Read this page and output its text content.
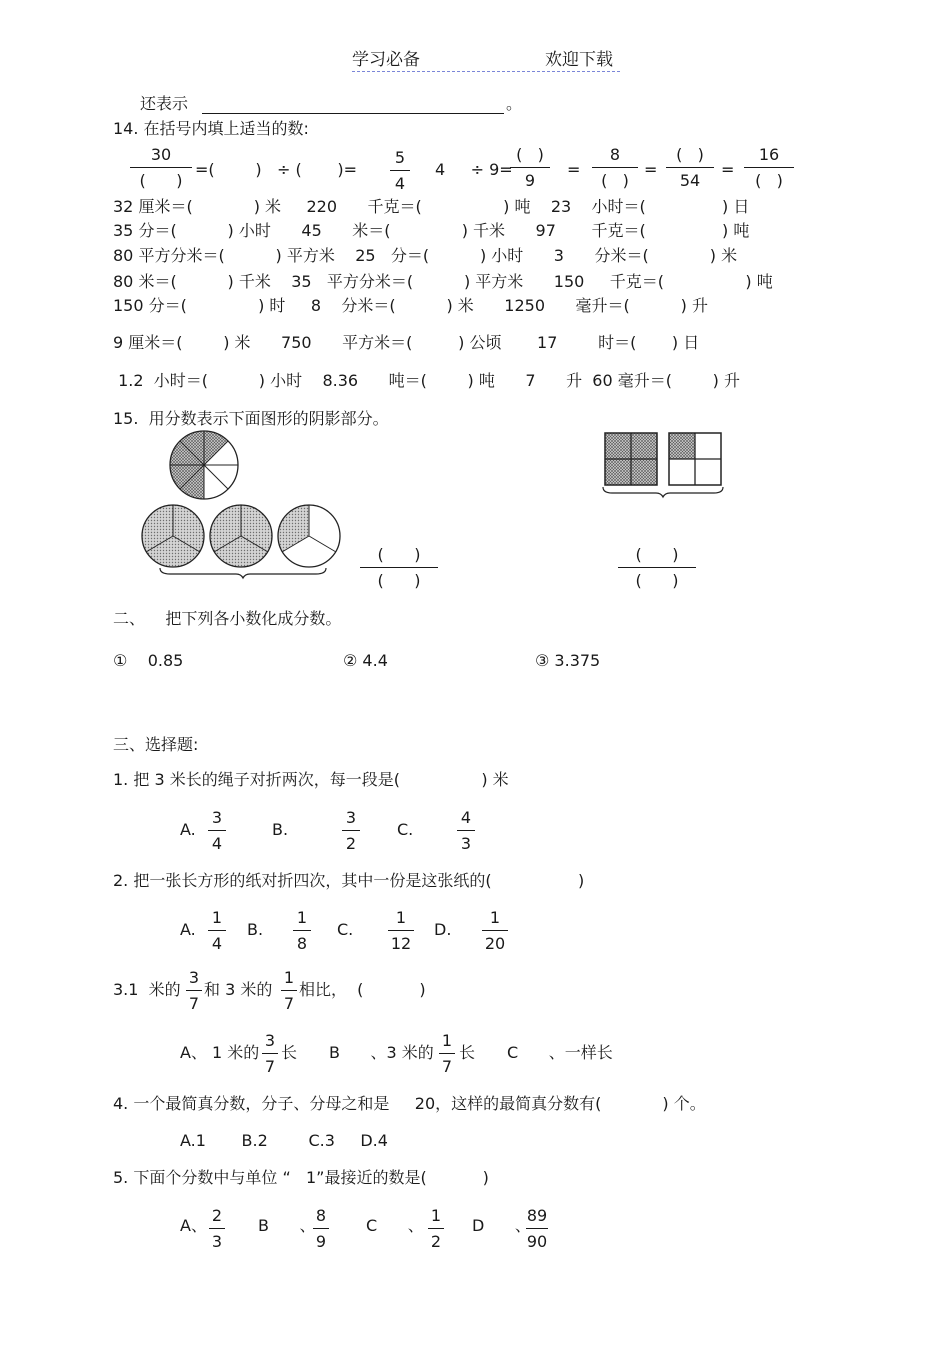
学习必备	欢迎下载
还表示	。
14. 在括号内填上适当的数:
30
(      )
=(        ) ÷ (       )=
5
4
4     ÷ 9=
(   )
9
=
8
(   )
=
(   )
54
=
16
(   )
32 厘米＝(            ) 米     220      千克＝(                ) 吨    23    小时＝(               ) 日
35 分＝(          ) 小时      45      米＝(              ) 千米      97       千克＝(               ) 吨
80 平方分米＝(          ) 平方米    25   分＝(          ) 小时      3      分米＝(            ) 米
80 米＝(          ) 千米    35   平方分米＝(          ) 平方米      150     千克＝(                ) 吨
150 分＝(              ) 时     8    分米＝(          ) 米      1250      毫升＝(          ) 升
9 厘米＝(        ) 米      750      平方米＝(         ) 公顷       17        时＝(       ) 日
1.2  小时＝(          ) 小时    8.36      吨＝(        ) 吨      7      升  60 毫升＝(        ) 升
15.  用分数表示下面图形的阴影部分。
(      )
(      )
(      )
(      )
二、    把下列各小数化成分数。
①    0.85	② 4.4	③ 3.375
三、选择题:
1. 把 3 米长的绳子对折两次，每一段是(                ) 米
A.
3
4
B.
3
2
C.
4
3
2. 把一张长方形的纸对折四次，其中一份是这张纸的(                 )
A.
1
4
B.
1
8
C.
1
12
D.
1
20
3.1  米的
3
7
和 3 米的
1
7
相比，  (           )
A、 1 米的
3
7
长 B      、3 米的
1
7
长 C      、一样长
4. 一个最简真分数，分子、分母之和是     20，这样的最简真分数有(            ) 个。
A.1       B.2        C.3     D.4
5. 下面个分数中与单位 “   1”最接近的数是(           )
A、
2
3
B      、
8
9
C      、
1
2
D      、
89
90
